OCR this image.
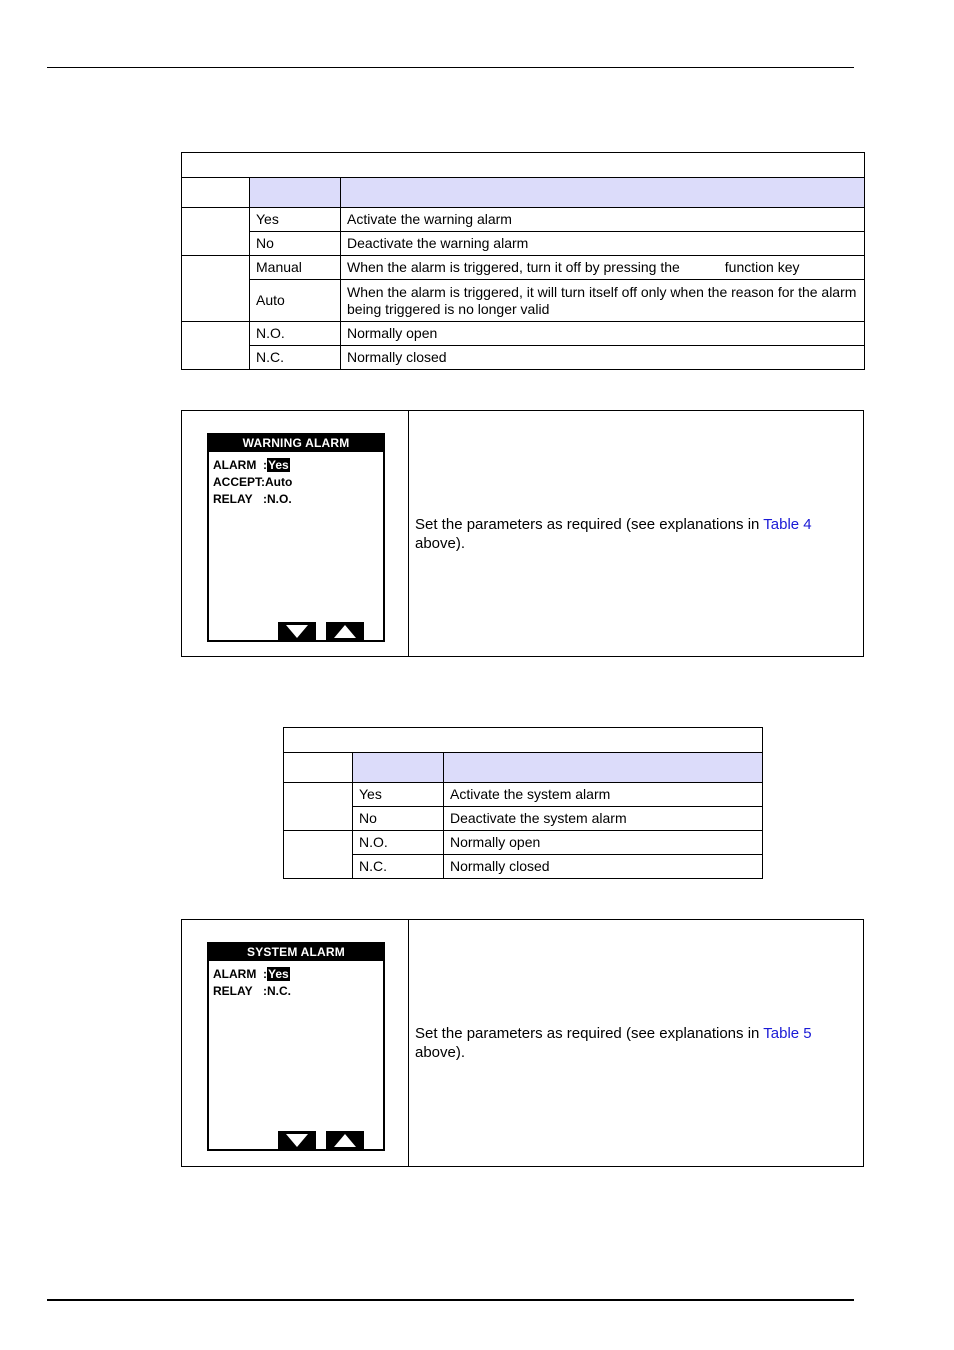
	Yes	Activate the warning alarm
	No	Deactivate the warning alarm
	Manual	When the alarm is triggered, turn it off by pressing the function key
	Auto	When the alarm is triggered, it will turn itself off only when the reason for the alarm being triggered is no longer valid
	N.O.	Normally open
	N.C.	Normally closed
WARNING ALARM
ALARM :Yes
ACCEPT:Auto
RELAY :N.O.
Set the parameters as required (see explanations in Table 4
above).

	Yes	Activate the system alarm
	No	Deactivate the system alarm
	N.O.	Normally open
	N.C.	Normally closed
SYSTEM ALARM
ALARM :Yes
RELAY :N.C.
Set the parameters as required (see explanations in Table 5
above).
